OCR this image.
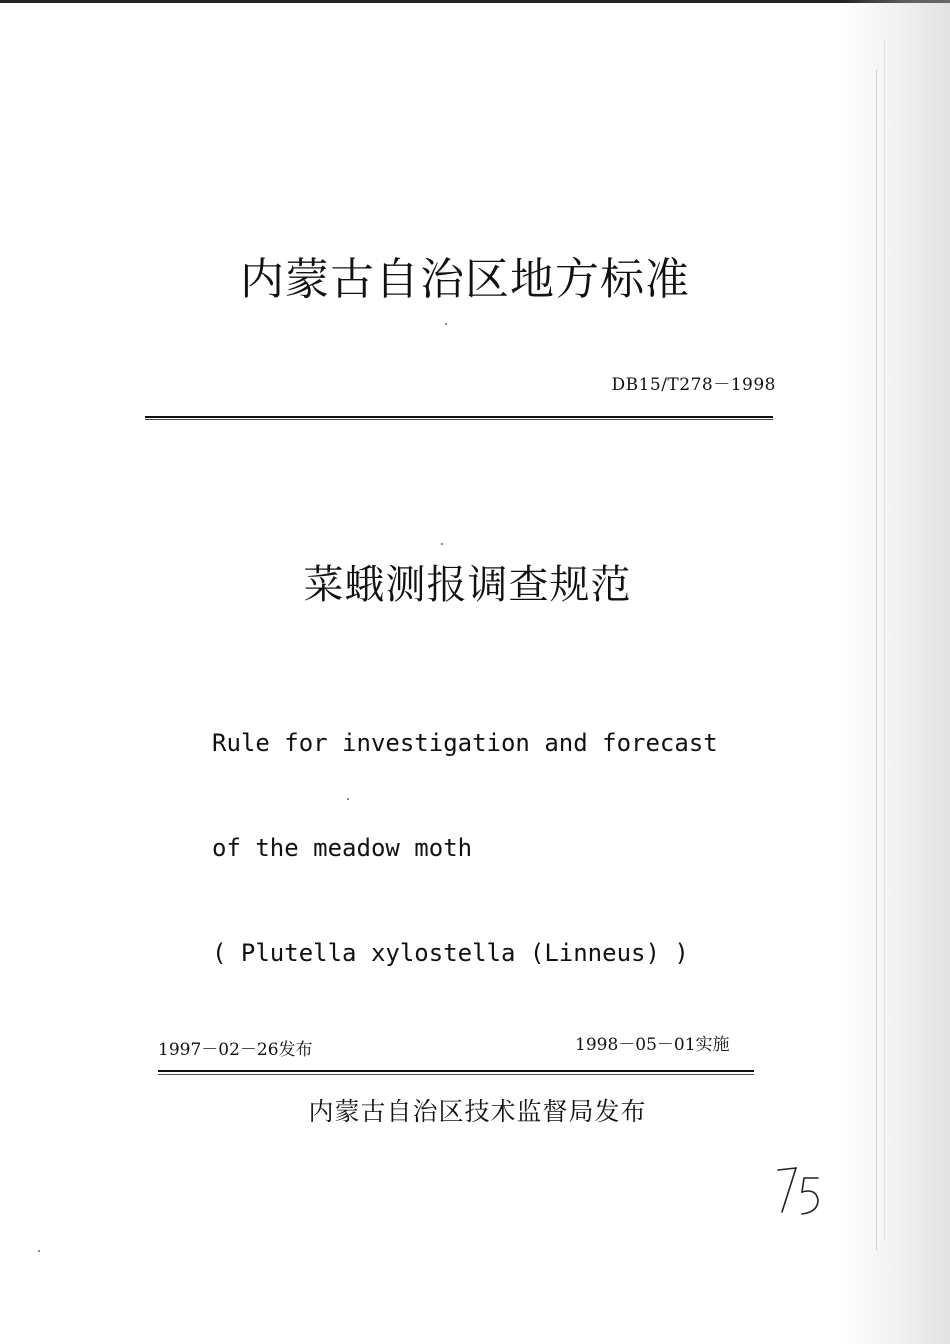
内蒙古自治区地方标准
DB15/T278－1998
菜蛾测报调查规范

Rule for investigation and forecast

of the meadow moth

( Plutella xylostella (Linneus) )

1997－02－26发布	1998－05－01实施
内蒙古自治区技术监督局发布
